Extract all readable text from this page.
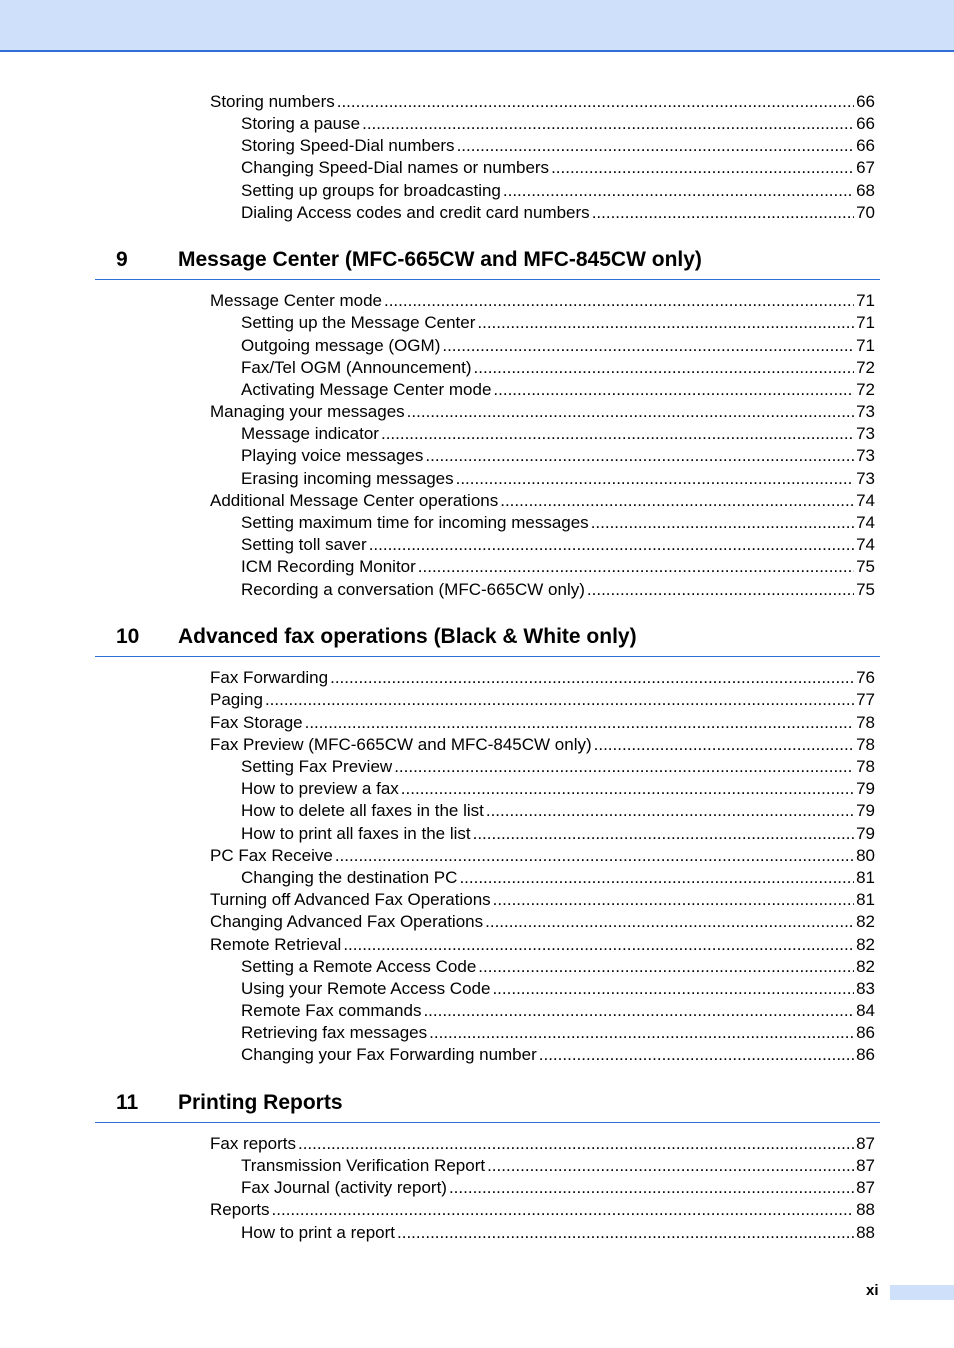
Storing numbers .....	66
Storing a pause .....	66
Storing Speed-Dial numbers .....	66
Changing Speed-Dial names or numbers .....	67
Setting up groups for broadcasting .....	68
Dialing Access codes and credit card numbers .....	70
9 Message Center (MFC-665CW and MFC-845CW only)
Message Center mode .....	71
Setting up the Message Center .....	71
Outgoing message (OGM) .....	71
Fax/Tel OGM (Announcement) .....	72
Activating Message Center mode .....	72
Managing your messages .....	73
Message indicator .....	73
Playing voice messages .....	73
Erasing incoming messages .....	73
Additional Message Center operations .....	74
Setting maximum time for incoming messages .....	74
Setting toll saver .....	74
ICM Recording Monitor .....	75
Recording a conversation (MFC-665CW only) .....	75
10 Advanced fax operations (Black & White only)
Fax Forwarding .....	76
Paging .....	77
Fax Storage .....	78
Fax Preview (MFC-665CW and MFC-845CW only) .....	78
Setting Fax Preview .....	78
How to preview a fax .....	79
How to delete all faxes in the list .....	79
How to print all faxes in the list .....	79
PC Fax Receive .....	80
Changing the destination PC .....	81
Turning off Advanced Fax Operations .....	81
Changing Advanced Fax Operations .....	82
Remote Retrieval .....	82
Setting a Remote Access Code .....	82
Using your Remote Access Code .....	83
Remote Fax commands .....	84
Retrieving fax messages .....	86
Changing your Fax Forwarding number .....	86
11 Printing Reports
Fax reports .....	87
Transmission Verification Report .....	87
Fax Journal (activity report) .....	87
Reports .....	88
How to print a report .....	88
xi
